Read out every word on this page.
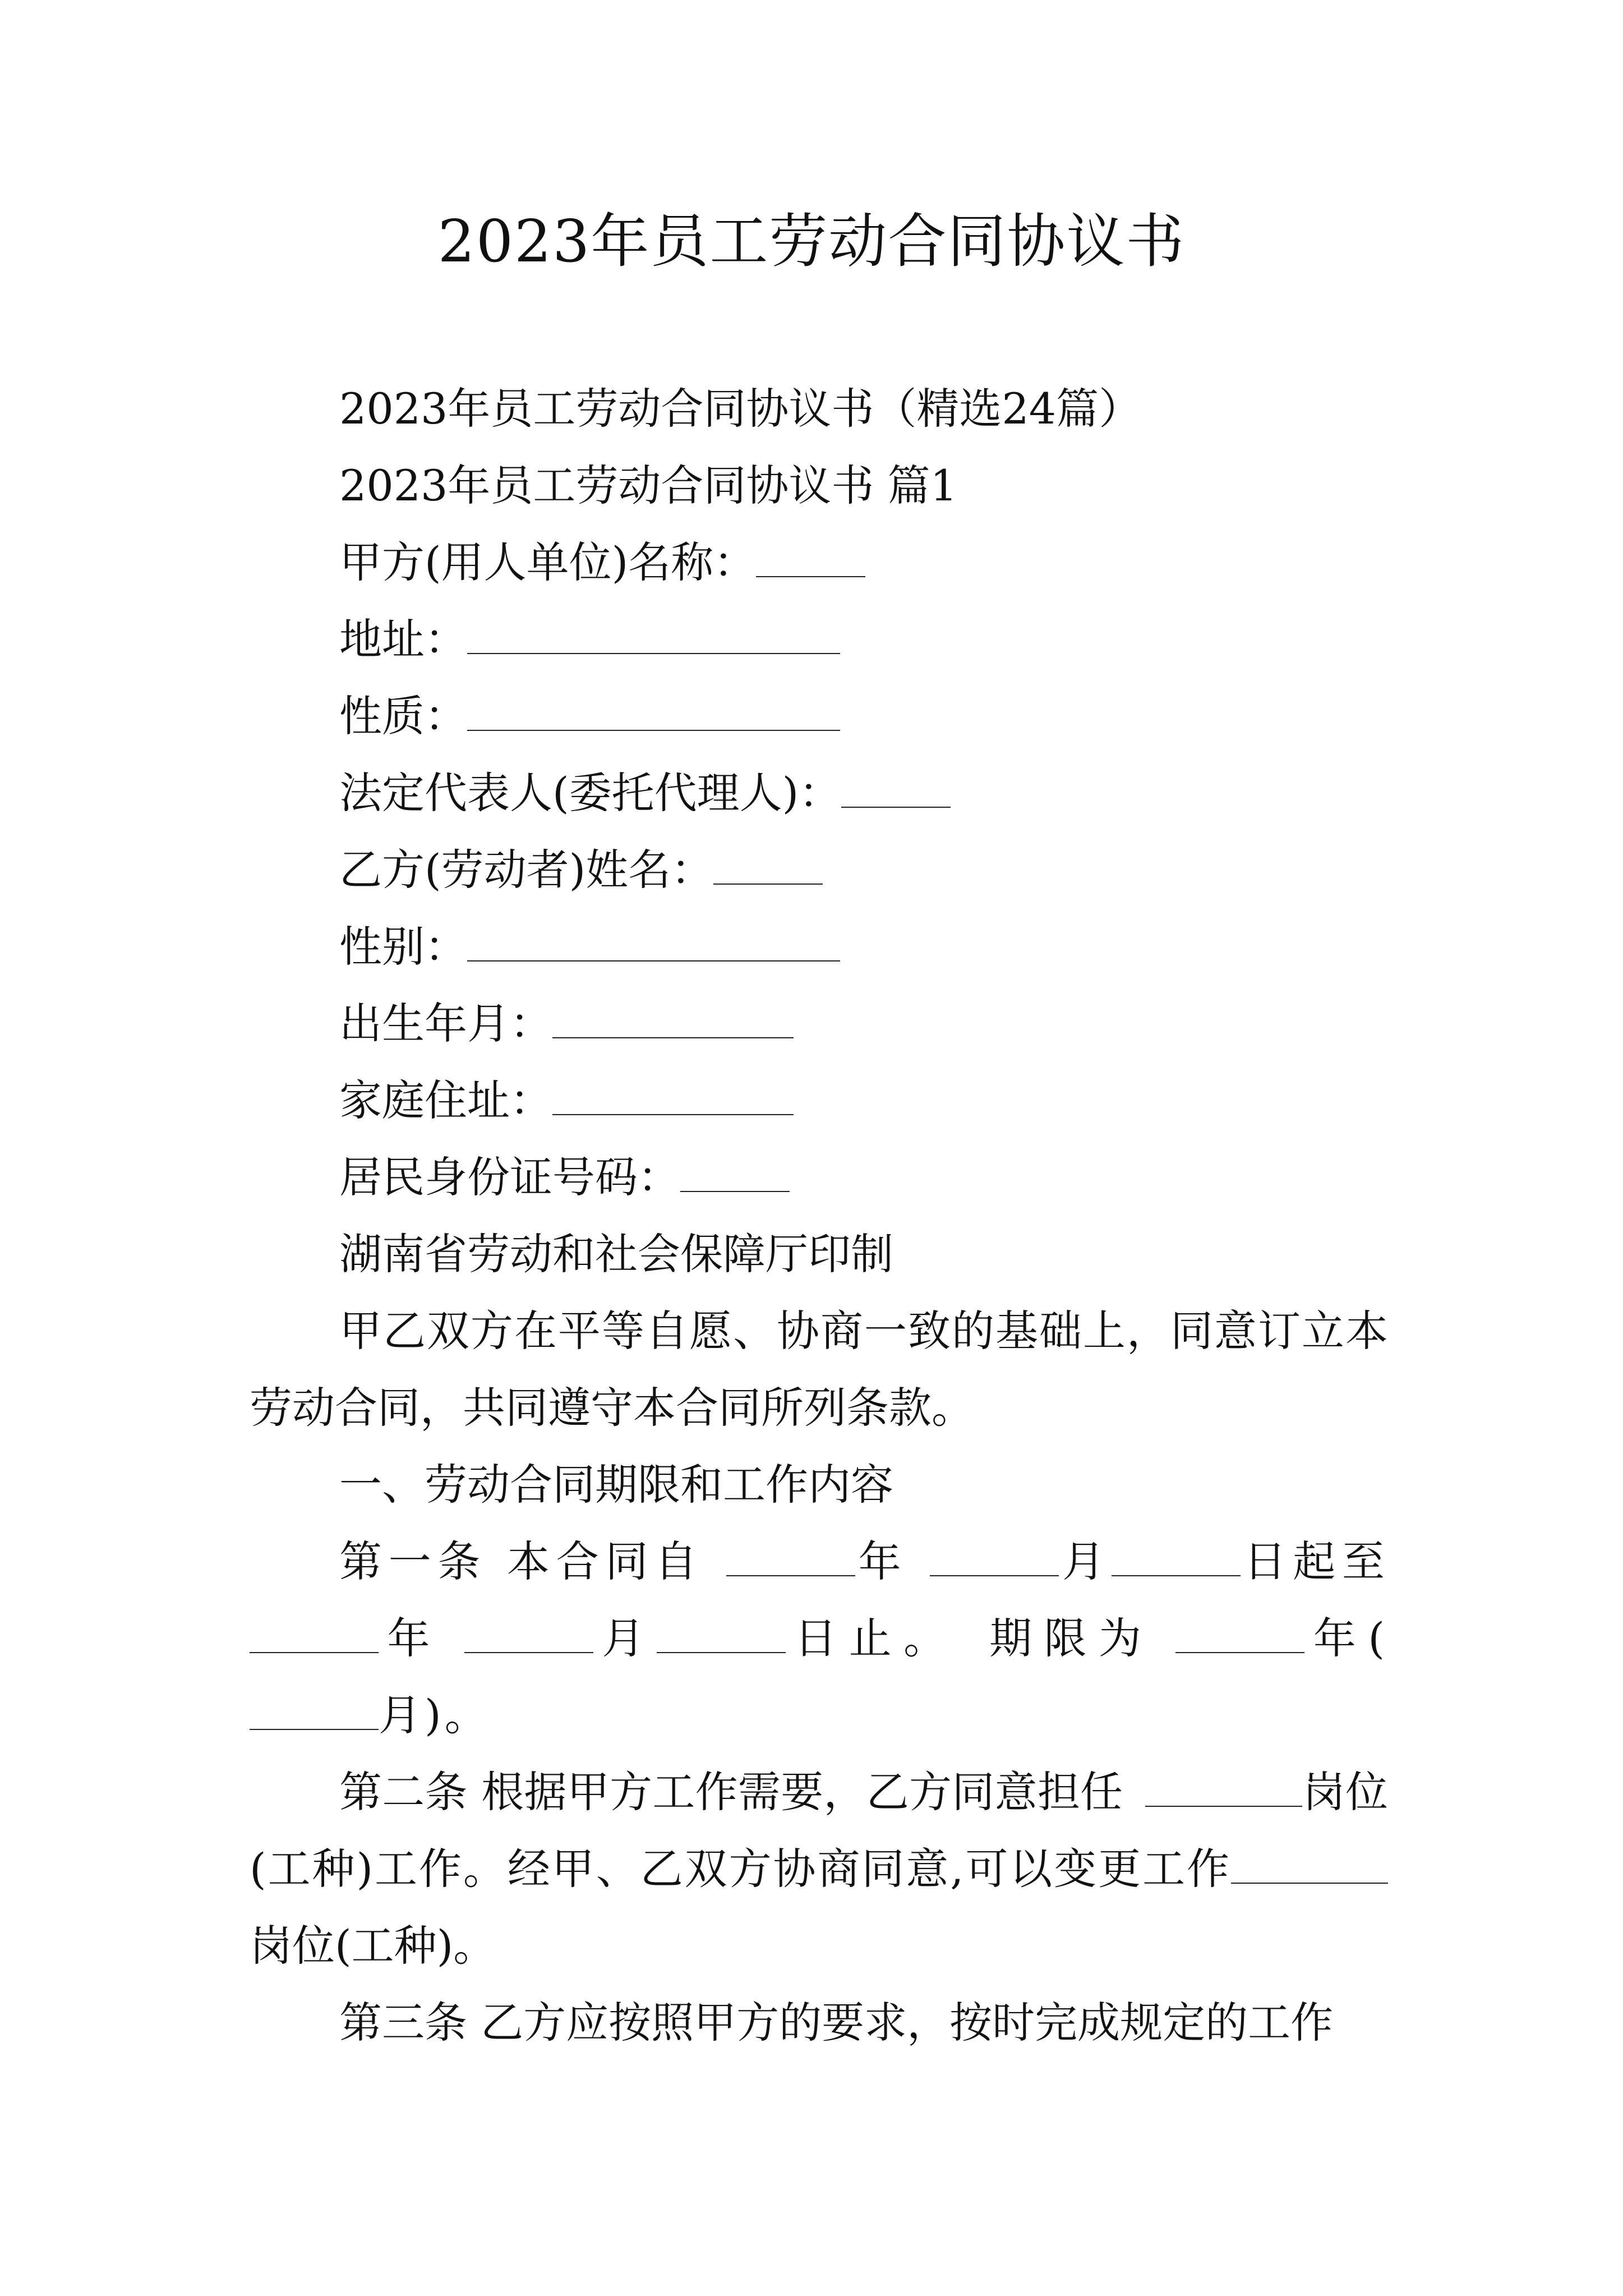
2023年员工劳动合同协议书
2023年员工劳动合同协议书（精选24篇）
2023年员工劳动合同协议书 篇1
甲方(用人单位)名称：
地址：
性质：
法定代表人(委托代理人)：
乙方(劳动者)姓名：
性别：
出生年月：
家庭住址：
居民身份证号码：
湖南省劳动和社会保障厅印制
甲乙双方在平等自愿、协商一致的基础上，同意订立本劳动合同，共同遵守本合同所列条款。
一、劳动合同期限和工作内容
第一条 本合同自	年	月	日起至年	月	日止。 期限为	年(月)。
第二条 根据甲方工作需要，乙方同意担任	岗位(工种)工作。经甲、乙双方协商同意,可以变更工作岗位(工种)。
第三条 乙方应按照甲方的要求，按时完成规定的工作
